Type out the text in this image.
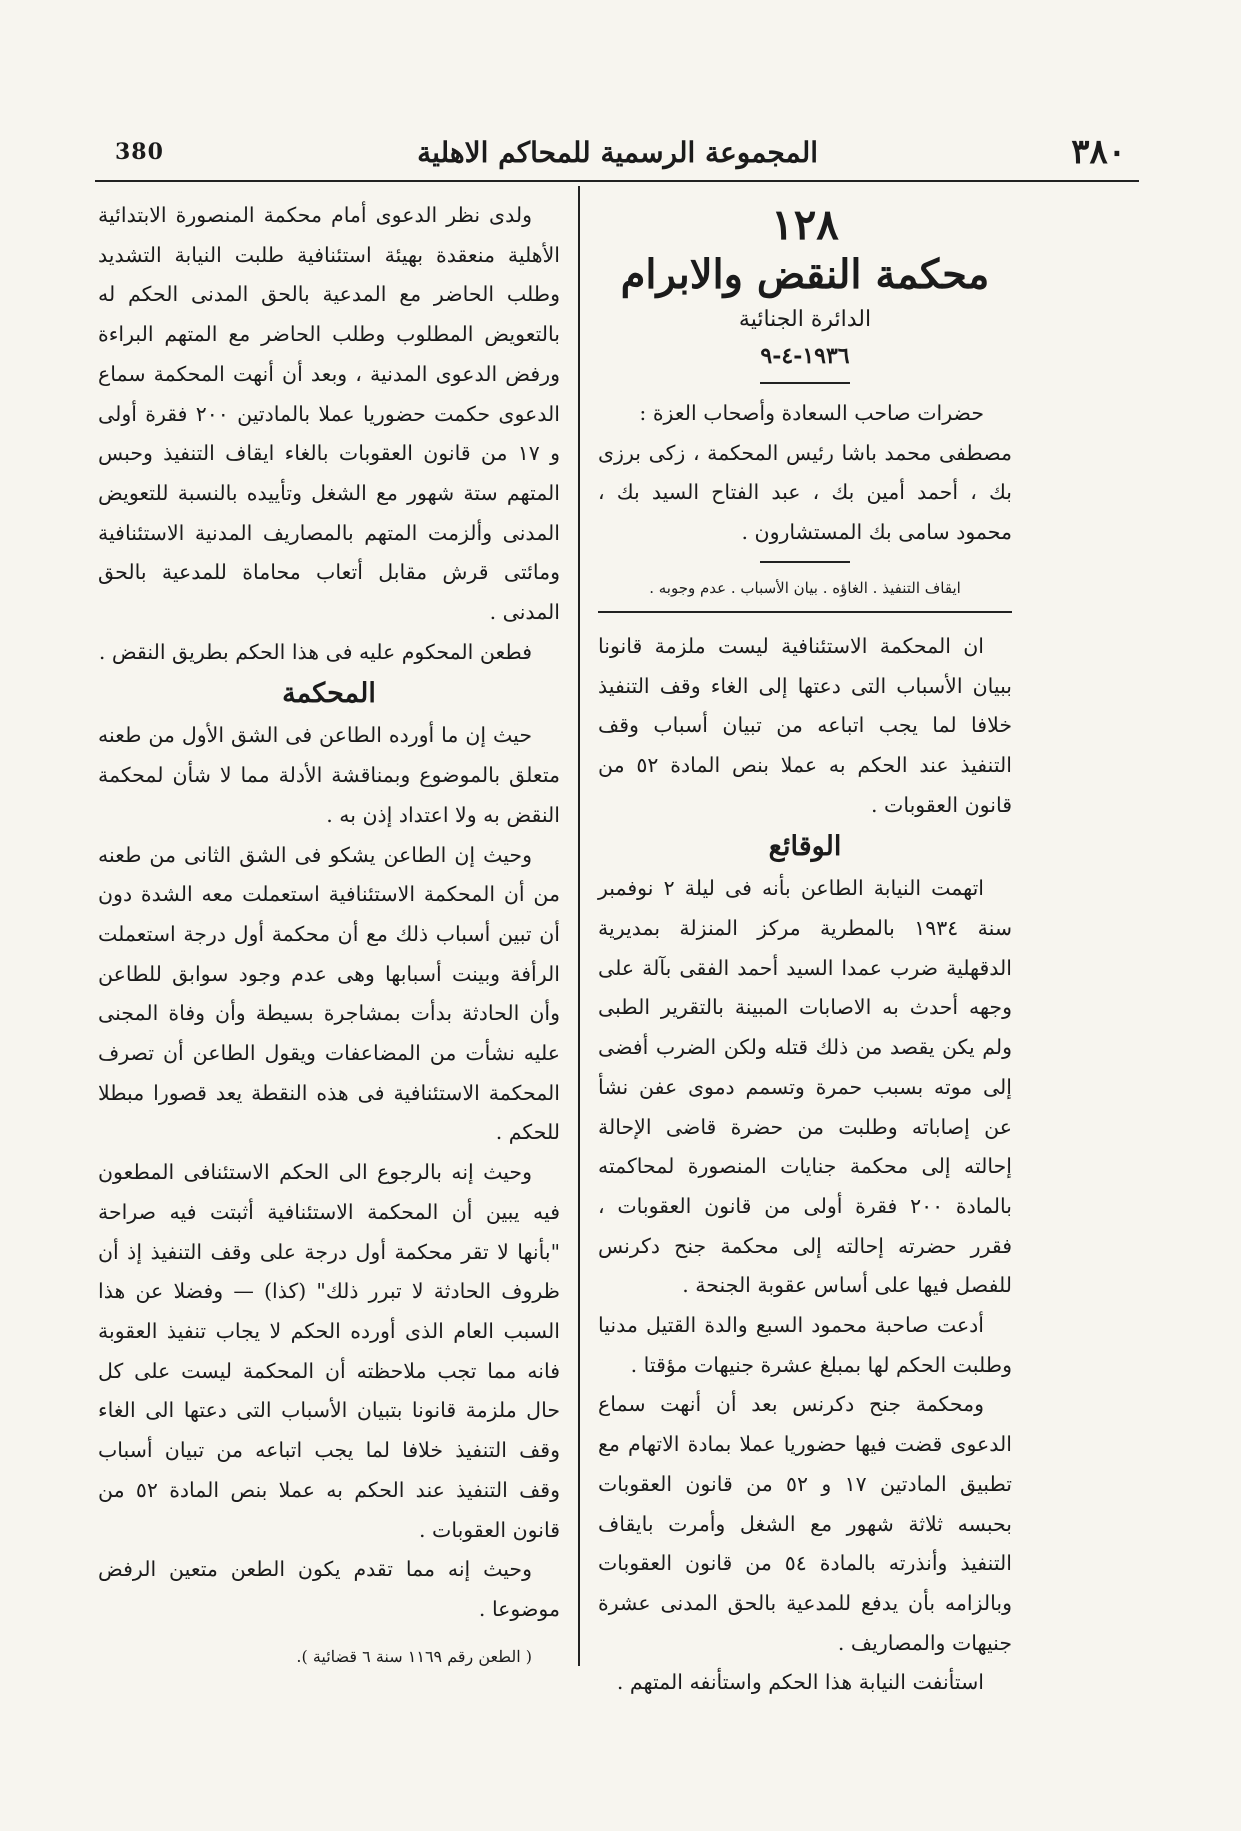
380	المجموعة الرسمية للمحاكم الاهلية	٣٨٠
١٢٨
محكمة النقض والابرام
الدائرة الجنائية
١٩٣٦-٤-٩

حضرات صاحب السعادة وأصحاب العزة :

مصطفى محمد باشا رئيس المحكمة ، زكى برزى بك ، أحمد أمين بك ، عبد الفتاح السيد بك ، محمود سامى بك المستشارون .

ايقاف التنفيذ . الغاؤه . بيان الأسباب . عدم وجوبه .

ان المحكمة الاستئنافية ليست ملزمة قانونا ببيان الأسباب التى دعتها إلى الغاء وقف التنفيذ خلافا لما يجب اتباعه من تبيان أسباب وقف التنفيذ عند الحكم به عملا بنص المادة ٥٢ من قانون العقوبات .

الوقائع

اتهمت النيابة الطاعن بأنه فى ليلة ٢ نوفمبر سنة ١٩٣٤ بالمطرية مركز المنزلة بمديرية الدقهلية ضرب عمدا السيد أحمد الفقى بآلة على وجهه أحدث به الاصابات المبينة بالتقرير الطبى ولم يكن يقصد من ذلك قتله ولكن الضرب أفضى إلى موته بسبب حمرة وتسمم دموى عفن نشأ عن إصاباته وطلبت من حضرة قاضى الإحالة إحالته إلى محكمة جنايات المنصورة لمحاكمته بالمادة ٢٠٠ فقرة أولى من قانون العقوبات ، فقرر حضرته إحالته إلى محكمة جنح دكرنس للفصل فيها على أساس عقوبة الجنحة .

أدعت صاحبة محمود السبع والدة القتيل مدنيا وطلبت الحكم لها بمبلغ عشرة جنيهات مؤقتا .

ومحكمة جنح دكرنس بعد أن أنهت سماع الدعوى قضت فيها حضوريا عملا بمادة الاتهام مع تطبيق المادتين ١٧ و ٥٢ من قانون العقوبات بحبسه ثلاثة شهور مع الشغل وأمرت بايقاف التنفيذ وأنذرته بالمادة ٥٤ من قانون العقوبات وبالزامه بأن يدفع للمدعية بالحق المدنى عشرة جنيهات والمصاريف .

استأنفت النيابة هذا الحكم واستأنفه المتهم .

ولدى نظر الدعوى أمام محكمة المنصورة الابتدائية الأهلية منعقدة بهيئة استئنافية طلبت النيابة التشديد وطلب الحاضر مع المدعية بالحق المدنى الحكم له بالتعويض المطلوب وطلب الحاضر مع المتهم البراءة ورفض الدعوى المدنية ، وبعد أن أنهت المحكمة سماع الدعوى حكمت حضوريا عملا بالمادتين ٢٠٠ فقرة أولى و ١٧ من قانون العقوبات بالغاء ايقاف التنفيذ وحبس المتهم ستة شهور مع الشغل وتأييده بالنسبة للتعويض المدنى وألزمت المتهم بالمصاريف المدنية الاستئنافية ومائتى قرش مقابل أتعاب محاماة للمدعية بالحق المدنى .

فطعن المحكوم عليه فى هذا الحكم بطريق النقض .

المحكمة

حيث إن ما أورده الطاعن فى الشق الأول من طعنه متعلق بالموضوع وبمناقشة الأدلة مما لا شأن لمحكمة النقض به ولا اعتداد إذن به .

وحيث إن الطاعن يشكو فى الشق الثانى من طعنه من أن المحكمة الاستئنافية استعملت معه الشدة دون أن تبين أسباب ذلك مع أن محكمة أول درجة استعملت الرأفة وبينت أسبابها وهى عدم وجود سوابق للطاعن وأن الحادثة بدأت بمشاجرة بسيطة وأن وفاة المجنى عليه نشأت من المضاعفات ويقول الطاعن أن تصرف المحكمة الاستئنافية فى هذه النقطة يعد قصورا مبطلا للحكم .

وحيث إنه بالرجوع الى الحكم الاستئنافى المطعون فيه يبين أن المحكمة الاستئنافية أثبتت فيه صراحة "بأنها لا تقر محكمة أول درجة على وقف التنفيذ إذ أن ظروف الحادثة لا تبرر ذلك" (كذا) — وفضلا عن هذا السبب العام الذى أورده الحكم لا يجاب تنفيذ العقوبة فانه مما تجب ملاحظته أن المحكمة ليست على كل حال ملزمة قانونا بتبيان الأسباب التى دعتها الى الغاء وقف التنفيذ خلافا لما يجب اتباعه من تبيان أسباب وقف التنفيذ عند الحكم به عملا بنص المادة ٥٢ من قانون العقوبات .

وحيث إنه مما تقدم يكون الطعن متعين الرفض موضوعا .

( الطعن رقم ١١٦٩ سنة ٦ قضائية ).
